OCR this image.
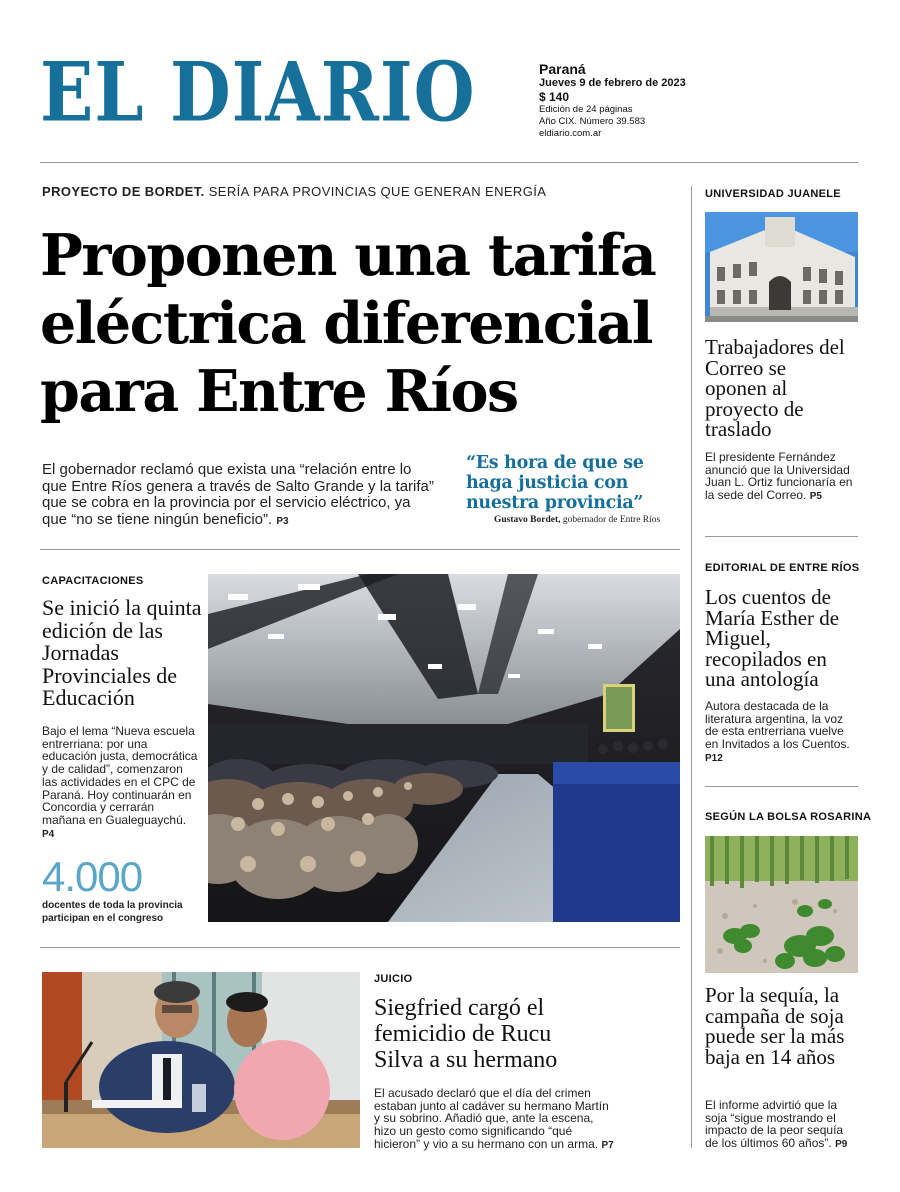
EL DIARIO	Paraná
Jueves 9 de febrero de 2023
$ 140
Edición de 24 páginas
Año CIX. Número 39.583
eldiario.com.ar
PROYECTO DE BORDET. SERÍA PARA PROVINCIAS QUE GENERAN ENERGÍA
Proponen una tarifa
eléctrica diferencial
para Entre Ríos
El gobernador reclamó que exista una “relación entre lo que Entre Ríos genera a través de Salto Grande y la tarifa” que se cobra en la provincia por el servicio eléctrico, ya que “no se tiene ningún beneficio”. P3
“Es hora de que se haga justicia con nuestra provincia”
Gustavo Bordet, gobernador de Entre Ríos
CAPACITACIONES
Se inició la quinta edición de las Jornadas Provinciales de Educación
Bajo el lema “Nueva escuela entrerriana: por una educación justa, democrática y de calidad”, comenzaron las actividades en el CPC de Paraná. Hoy continuarán en Concordia y cerrarán mañana en Gualeguaychú. P4
4.000
docentes de toda la provincia participan en el congreso
JUICIO
Siegfried cargó el femicidio de Rucu Silva a su hermano
El acusado declaró que el día del crimen estaban junto al cadáver su hermano Martín y su sobrino. Añadió que, ante la escena, hizo un gesto como significando “qué hicieron” y vio a su hermano con un arma. P7
UNIVERSIDAD JUANELE
Trabajadores del Correo se oponen al proyecto de traslado
El presidente Fernández anunció que la Universidad Juan L. Ortiz funcionaría en la sede del Correo. P5
EDITORIAL DE ENTRE RÍOS
Los cuentos de María Esther de Miguel, recopilados en una antología
Autora destacada de la literatura argentina, la voz de esta entrerriana vuelve en Invitados a los Cuentos. P12
SEGÚN LA BOLSA ROSARINA
Por la sequía, la campaña de soja puede ser la más baja en 14 años
El informe advirtió que la soja “sigue mostrando el impacto de la peor sequía de los últimos 60 años”. P9
